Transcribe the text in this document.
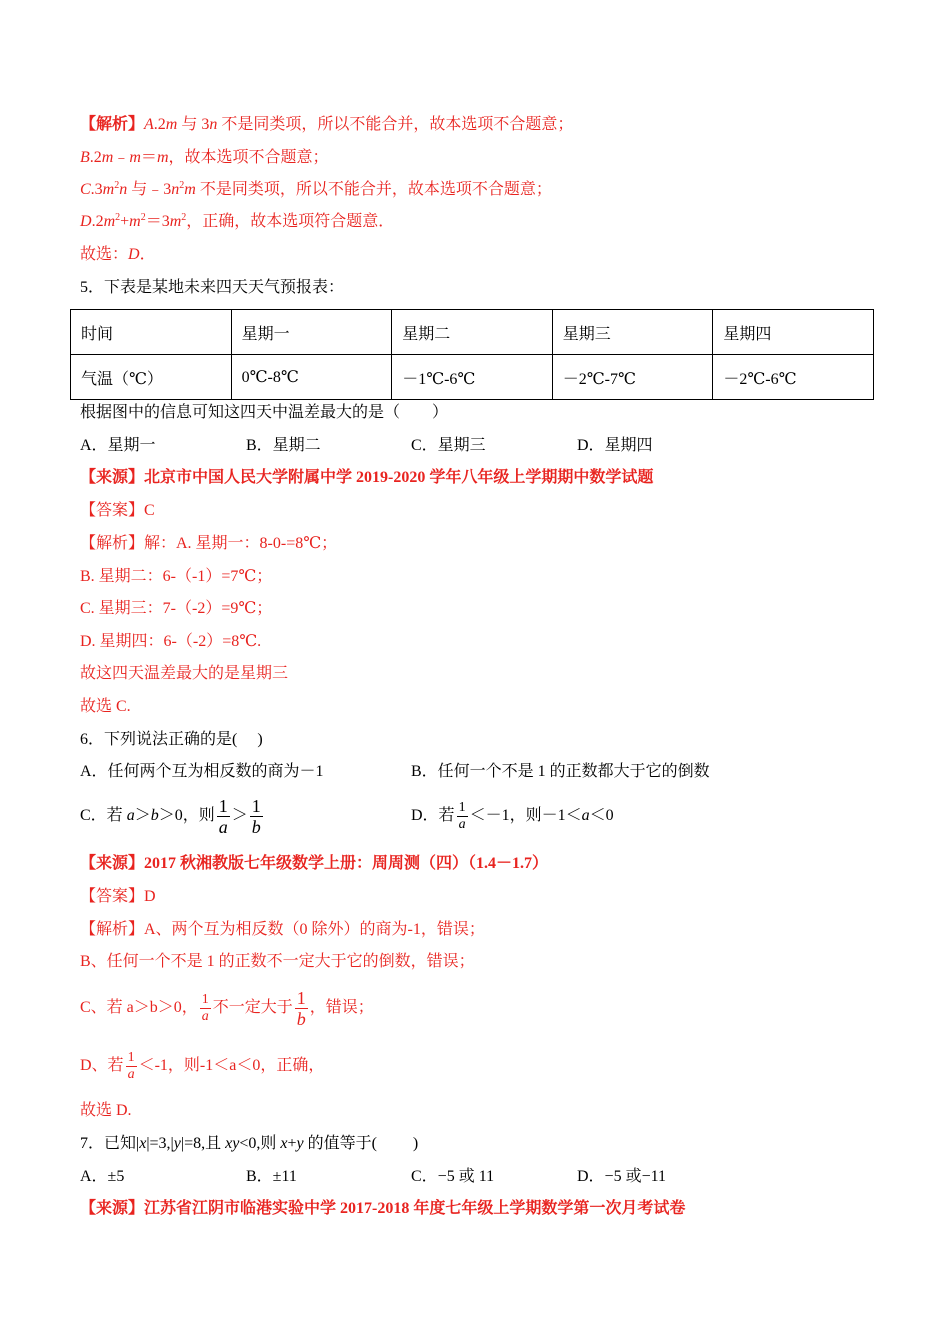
【解析】A.2m 与 3n 不是同类项，所以不能合并，故本选项不合题意；
B.2m﹣m＝m，故本选项不合题意；
$C.3m^2n$ 与$﹣3n^2m$ 不是同类项，所以不能合并，故本选项不合题意；
$D.2m^2+m^2=3m^2$，正确，故本选项符合题意．
故选：D．
5．下表是某地未来四天天气预报表：
时间	星期一	星期二	星期三	星期四
气温（℃）	0℃-8℃	－1℃-6℃	－2℃-7℃	－2℃-6℃
根据图中的信息可知这四天中温差最大的是（　　）
A．星期一	B．星期二	C．星期三	D．星期四
【来源】北京市中国人民大学附属中学 2019-2020 学年八年级上学期期中数学试题
【答案】C
【解析】解：A. 星期一：8-0-=8℃；
B. 星期二：6-（-1）=7℃；
C. 星期三：7-（-2）=9℃；
D. 星期四：6-（-2）=8℃.
故这四天温差最大的是星期三
故选 C.
6．下列说法正确的是(　 )
A．任何两个互为相反数的商为－1	B．任何一个不是 1 的正数都大于它的倒数
C．若 a＞b＞0，则 $\frac{1}{a} > \frac{1}{b}$	D．若 $\frac{1}{a} <-1$，则－1＜a＜0
【来源】2017 秋湘教版七年级数学上册：周周测（四）（1.4－1.7）
【答案】D
【解析】A、两个互为相反数（0 除外）的商为-1，错误；
B、任何一个不是 1 的正数不一定大于它的倒数，错误；
C、若 a＞b＞0， $\frac{1}{a}$ 不一定大于 $\frac{1}{b}$ ，错误；
D、若 $\frac{1}{a} <-1$，则-1＜a＜0，正确，
故选 D.
7．已知|x|=3,|y|=8,且 xy<0,则 x+y 的值等于(　　 )
A．±5	B．±11	C．−5 或 11	D．−5 或−11
【来源】江苏省江阴市临港实验中学 2017-2018 年度七年级上学期数学第一次月考试卷
